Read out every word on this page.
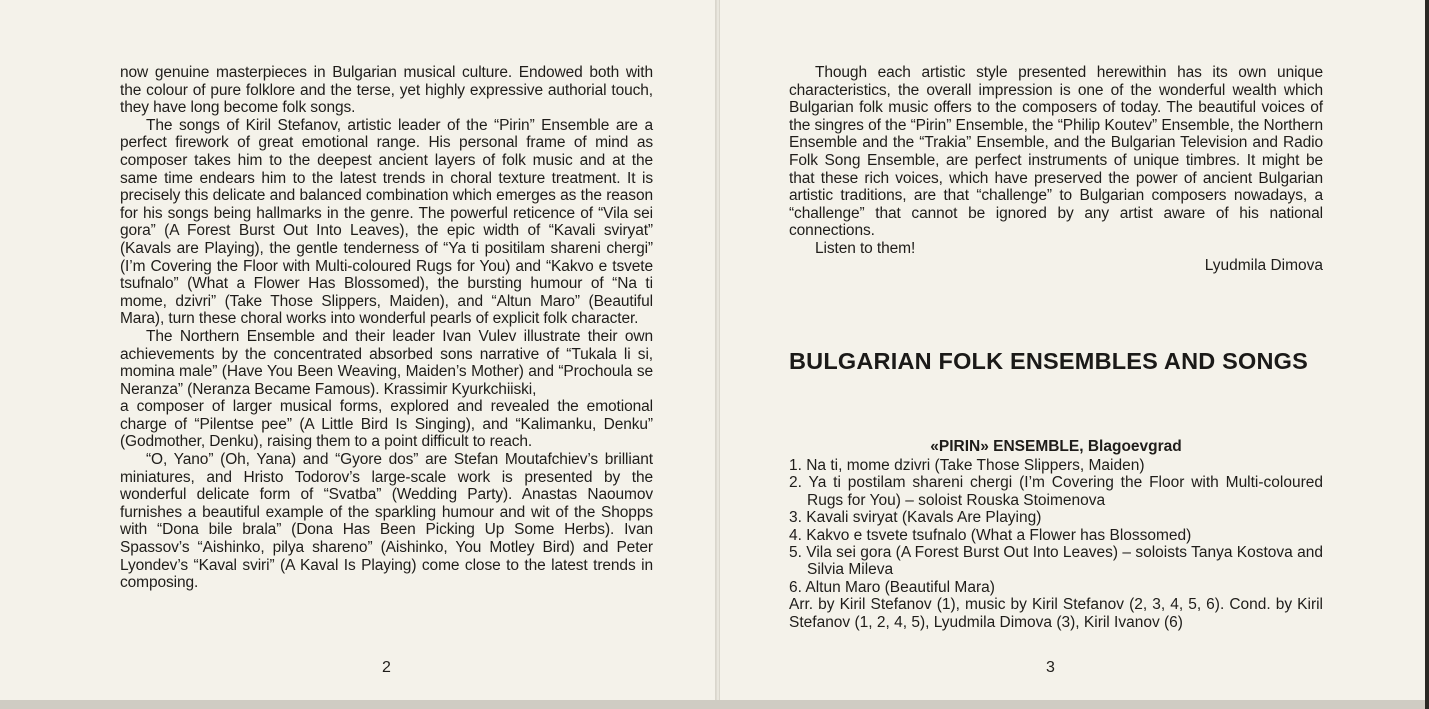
now genuine masterpieces in Bulgarian musical culture. Endowed both with the colour of pure folklore and the terse, yet highly expressive authorial touch, they have long become folk songs.

The songs of Kiril Stefanov, artistic leader of the “Pirin” Ensemble are a perfect firework of great emotional range. His personal frame of mind as composer takes him to the deepest ancient layers of folk music and at the same time endears him to the latest trends in choral texture treatment. It is precisely this delicate and balanced combination which emerges as the reason for his songs being hallmarks in the genre. The powerful reticence of “Vila sei gora” (A Forest Burst Out Into Leaves), the epic width of “Kavali sviryat” (Kavals are Playing), the gentle tenderness of “Ya ti positilam shareni chergi” (I’m Covering the Floor with Multi-coloured Rugs for You) and “Kakvo e tsvete tsufnalo” (What a Flower Has Blossomed), the bursting humour of “Na ti mome, dzivri” (Take Those Slippers, Maiden), and “Altun Maro” (Beautiful Mara), turn these choral works into wonderful pearls of explicit folk character.

The Northern Ensemble and their leader Ivan Vulev illustrate their own achievements by the concentrated absorbed sons narrative of “Tukala li si, momina male” (Have You Been Weaving, Maiden’s Mother) and “Prochoula se Neranza” (Neranza Became Famous). Krassimir Kyurkchiiski,

a composer of larger musical forms, explored and revealed the emotional charge of “Pilentse pee” (A Little Bird Is Singing), and “Kalimanku, Denku” (Godmother, Denku), raising them to a point difficult to reach.

“O, Yano” (Oh, Yana) and “Gyore dos” are Stefan Moutafchiev’s brilliant miniatures, and Hristo Todorov’s large-scale work is presented by the wonderful delicate form of “Svatba” (Wedding Party). Anastas Naoumov furnishes a beautiful example of the sparkling humour and wit of the Shopps with “Dona bile brala” (Dona Has Been Picking Up Some Herbs). Ivan Spassov’s “Aishinko, pilya shareno” (Aishinko, You Motley Bird) and Peter Lyondev’s “Kaval sviri” (A Kaval Is Playing) come close to the latest trends in composing.

2

Though each artistic style presented herewithin has its own unique characteristics, the overall impression is one of the wonderful wealth which Bulgarian folk music offers to the composers of today. The beautiful voices of the singres of the “Pirin” Ensemble, the “Philip Koutev” Ensemble, the Northern Ensemble and the “Trakia” Ensemble, and the Bulgarian Television and Radio Folk Song Ensemble, are perfect instruments of unique timbres. It might be that these rich voices, which have preserved the power of ancient Bulgarian artistic traditions, are that “challenge” to Bulgarian composers nowadays, a “challenge” that cannot be ignored by any artist aware of his national connections.

Listen to them!

Lyudmila Dimova
BULGARIAN FOLK ENSEMBLES AND SONGS
«PIRIN» ENSEMBLE, Blagoevgrad
1. Na ti, mome dzivri (Take Those Slippers, Maiden)
2. Ya ti postilam shareni chergi (I’m Covering the Floor with Multi-coloured Rugs for You) – soloist Rouska Stoimenova
3. Kavali sviryat (Kavals Are Playing)
4. Kakvo e tsvete tsufnalo (What a Flower has Blossomed)
5. Vila sei gora (A Forest Burst Out Into Leaves) – soloists Tanya Kostova and Silvia Mileva
6. Altun Maro (Beautiful Mara)
Arr. by Kiril Stefanov (1), music by Kiril Stefanov (2, 3, 4, 5, 6). Cond. by Kiril Stefanov (1, 2, 4, 5), Lyudmila Dimova (3), Kiril Ivanov (6)
3
